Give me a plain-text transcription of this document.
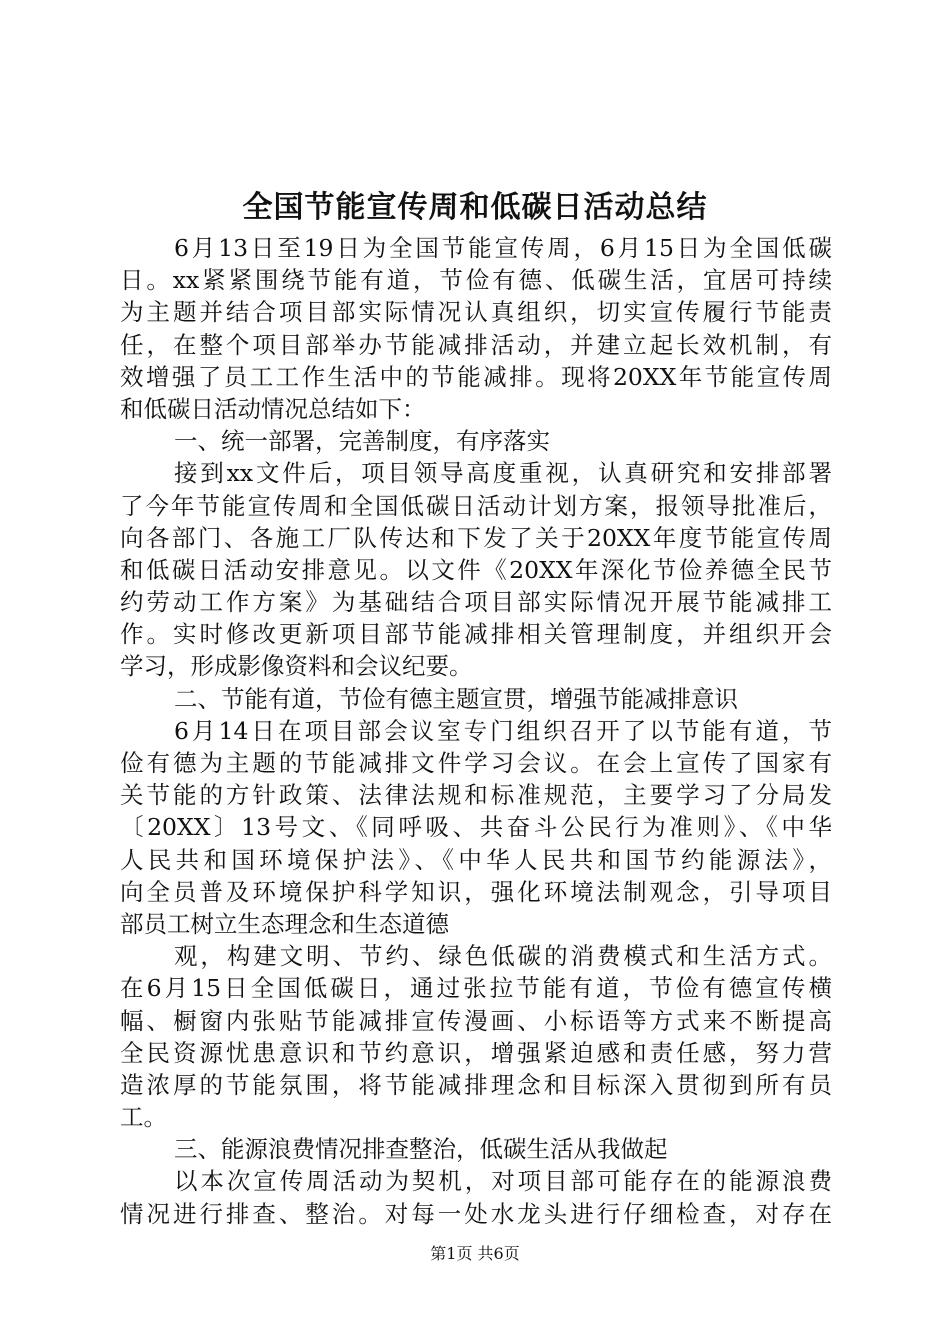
全国节能宣传周和低碳日活动总结
6月13日至19日为全国节能宣传周，6月15日为全国低碳
日。xx紧紧围绕节能有道，节俭有德、低碳生活，宜居可持续
为主题并结合项目部实际情况认真组织，切实宣传履行节能责
任，在整个项目部举办节能减排活动，并建立起长效机制，有
效增强了员工工作生活中的节能减排。现将20XX年节能宣传周
和低碳日活动情况总结如下：
一、统一部署，完善制度，有序落实
接到xx文件后，项目领导高度重视，认真研究和安排部署
了今年节能宣传周和全国低碳日活动计划方案，报领导批准后，
向各部门、各施工厂队传达和下发了关于20XX年度节能宣传周
和低碳日活动安排意见。以文件《20XX年深化节俭养德全民节
约劳动工作方案》为基础结合项目部实际情况开展节能减排工
作。实时修改更新项目部节能减排相关管理制度，并组织开会
学习，形成影像资料和会议纪要。
二、节能有道，节俭有德主题宣贯，增强节能减排意识
6月14日在项目部会议室专门组织召开了以节能有道，节
俭有德为主题的节能减排文件学习会议。在会上宣传了国家有
关节能的方针政策、法律法规和标准规范，主要学习了分局发
〔20XX〕13号文、《同呼吸、共奋斗公民行为准则》、《中华
人民共和国环境保护法》、《中华人民共和国节约能源法》，
向全员普及环境保护科学知识，强化环境法制观念，引导项目
部员工树立生态理念和生态道德
观，构建文明、节约、绿色低碳的消费模式和生活方式。
在6月15日全国低碳日，通过张拉节能有道，节俭有德宣传横
幅、橱窗内张贴节能减排宣传漫画、小标语等方式来不断提高
全民资源忧患意识和节约意识，增强紧迫感和责任感，努力营
造浓厚的节能氛围，将节能减排理念和目标深入贯彻到所有员
工。
三、能源浪费情况排查整治，低碳生活从我做起
以本次宣传周活动为契机，对项目部可能存在的能源浪费
情况进行排查、整治。对每一处水龙头进行仔细检查，对存在
第1页 共6页
